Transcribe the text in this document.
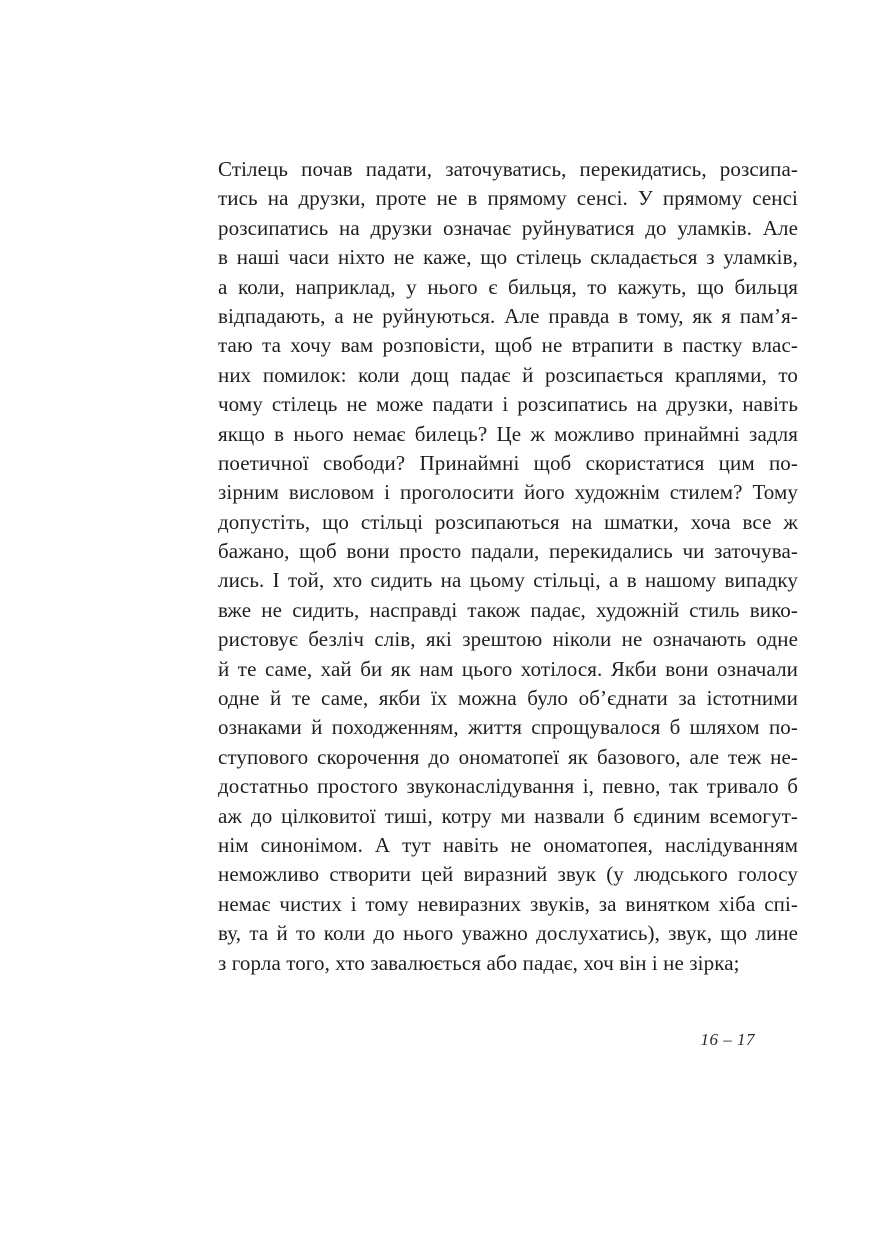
Стілець почав падати, заточуватись, перекидатись, розсипа-
тись на друзки, проте не в прямому сенсі. У прямому сенсі
розсипатись на друзки означає руйнуватися до уламків. Але
в наші часи ніхто не каже, що стілець складається з уламків,
а коли, наприклад, у нього є бильця, то кажуть, що бильця
відпадають, а не руйнуються. Але правда в тому, як я пам’я-
таю та хочу вам розповісти, щоб не втрапити в пастку влас-
них помилок: коли дощ падає й розсипається краплями, то
чому стілець не може падати і розсипатись на друзки, навіть
якщо в нього немає билець? Це ж можливо принаймні задля
поетичної свободи? Принаймні щоб скористатися цим по-
зірним висловом і проголосити його художнім стилем? Тому
допустіть, що стільці розсипаються на шматки, хоча все ж
бажано, щоб вони просто падали, перекидались чи заточува-
лись. І той, хто сидить на цьому стільці, а в нашому випадку
вже не сидить, насправді також падає, художній стиль вико-
ристовує безліч слів, які зрештою ніколи не означають одне
й те саме, хай би як нам цього хотілося. Якби вони означали
одне й те саме, якби їх можна було об’єднати за істотними
ознаками й походженням, життя спрощувалося б шляхом по-
ступового скорочення до ономатопеї як базового, але теж не-
достатньо простого звуконаслідування і, певно, так тривало б
аж до цілковитої тиші, котру ми назвали б єдиним всемогут-
нім синонімом. А тут навіть не ономатопея, наслідуванням
неможливо створити цей виразний звук (у людського голосу
немає чистих і тому невиразних звуків, за винятком хіба спі-
ву, та й то коли до нього уважно дослухатись), звук, що лине
з горла того, хто завалюється або падає, хоч він і не зірка;
16 – 17
